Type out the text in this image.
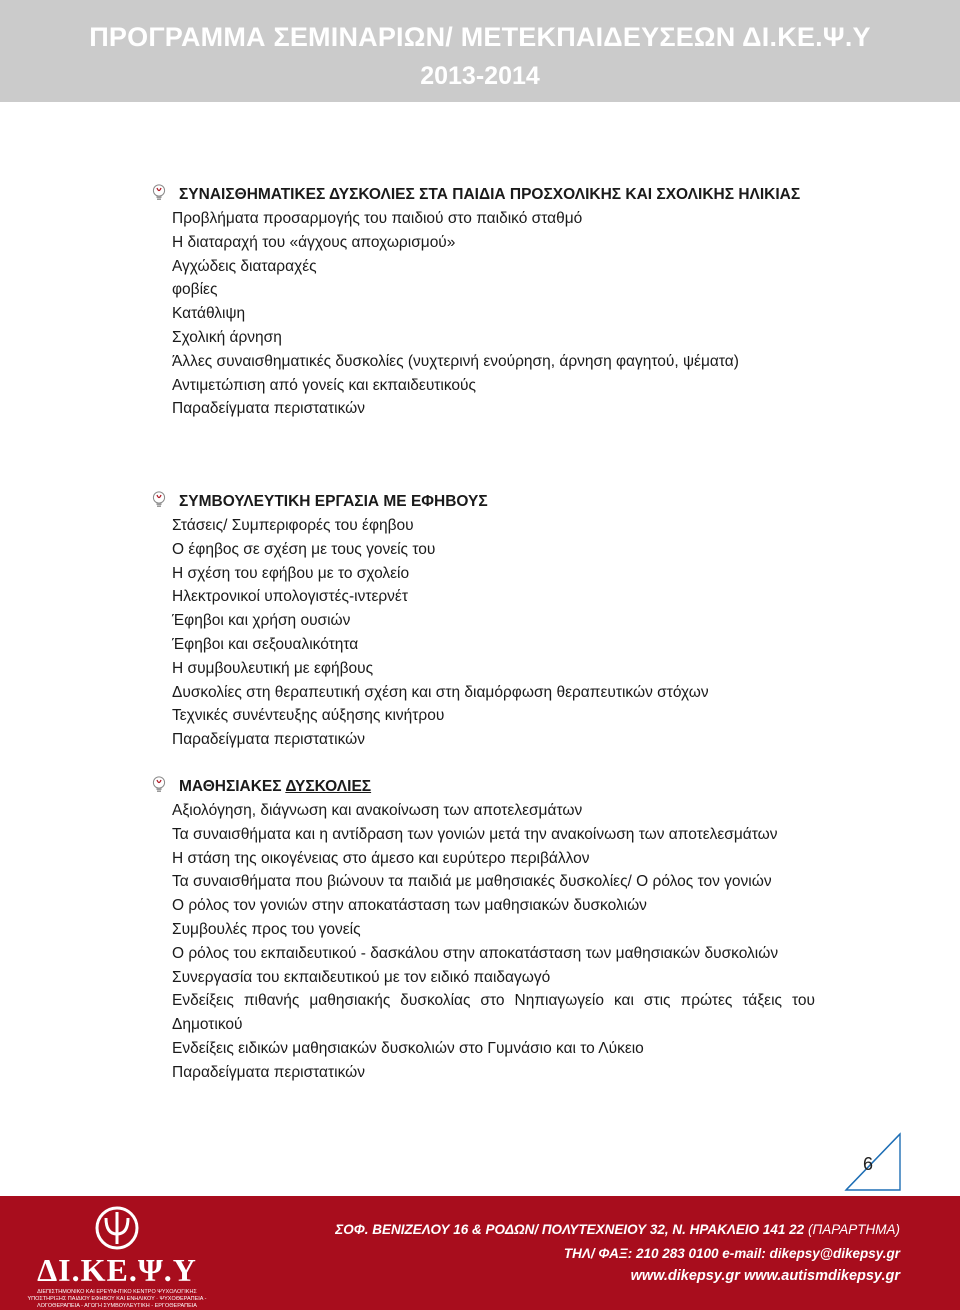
ΠΡΟΓΡΑΜΜΑ ΣΕΜΙΝΑΡΙΩΝ/ ΜΕΤΕΚΠΑΙΔΕΥΣΕΩΝ ΔΙ.ΚΕ.Ψ.Υ
2013-2014
ΣΥΝΑΙΣΘΗΜΑΤΙΚΕΣ ΔΥΣΚΟΛΙΕΣ ΣΤΑ ΠΑΙΔΙΑ ΠΡΟΣΧΟΛΙΚΗΣ ΚΑΙ ΣΧΟΛΙΚΗΣ ΗΛΙΚΙΑΣ
Προβλήματα προσαρμογής του παιδιού στο παιδικό σταθμό
Η διαταραχή του «άγχους αποχωρισμού»
Αγχώδεις διαταραχές
φοβίες
Κατάθλιψη
Σχολική άρνηση
Άλλες συναισθηματικές δυσκολίες (νυχτερινή ενούρηση, άρνηση φαγητού, ψέματα)
Αντιμετώπιση από γονείς και εκπαιδευτικούς
Παραδείγματα περιστατικών
ΣΥΜΒΟΥΛΕΥΤΙΚΗ ΕΡΓΑΣΙΑ ΜΕ ΕΦΗΒΟΥΣ
Στάσεις/ Συμπεριφορές του έφηβου
Ο έφηβος σε σχέση με τους γονείς του
Η σχέση του εφήβου με το σχολείο
Ηλεκτρονικοί υπολογιστές-ιντερνέτ
Έφηβοι και χρήση ουσιών
Έφηβοι και σεξουαλικότητα
Η συμβουλευτική με εφήβους
Δυσκολίες στη θεραπευτική σχέση και στη διαμόρφωση θεραπευτικών στόχων
Τεχνικές συνέντευξης αύξησης κινήτρου
Παραδείγματα περιστατικών
ΜΑΘΗΣΙΑΚΕΣ ΔΥΣΚΟΛΙΕΣ
Αξιολόγηση, διάγνωση και ανακοίνωση των αποτελεσμάτων
Τα συναισθήματα και η αντίδραση των γονιών μετά την ανακοίνωση των αποτελεσμάτων
Η στάση της οικογένειας στο άμεσο και ευρύτερο περιβάλλον
Τα συναισθήματα που βιώνουν τα παιδιά με μαθησιακές δυσκολίες/ Ο ρόλος τον γονιών
Ο ρόλος τον γονιών στην αποκατάσταση των μαθησιακών δυσκολιών
Συμβουλές προς του γονείς
Ο ρόλος του εκπαιδευτικού - δασκάλου στην αποκατάσταση των μαθησιακών δυσκολιών
Συνεργασία του εκπαιδευτικού με τον ειδικό παιδαγωγό
Ενδείξεις πιθανής μαθησιακής δυσκολίας στο Νηπιαγωγείο και στις πρώτες τάξεις του Δημοτικού
Ενδείξεις ειδικών μαθησιακών δυσκολιών στο Γυμνάσιο και το Λύκειο
Παραδείγματα περιστατικών
6
ΔΙ.ΚΕ.Ψ.Υ
ΔΙΕΠΙΣΤΗΜΟΝΙΚΟ ΚΑΙ ΕΡΕΥΝΗΤΙΚΟ ΚΕΝΤΡΟ ΨΥΧΟΛΟΓΙΚΗΣ ΥΠΟΣΤΗΡΙΞΗΣ ΠΑΙΔΙΟΥ ΕΦΗΒΟΥ ΚΑΙ ΕΝΗΛΙΚΟΥ · ΨΥΧΟΘΕΡΑΠΕΙΑ - ΛΟΓΟΘΕΡΑΠΕΙΑ - ΑΓΩΓΗ ΣΥΜΒΟΥΛΕΥΤΙΚΗ - ΕΡΓΟΘΕΡΑΠΕΙΑ
ΣΟΦ. ΒΕΝΙΖΕΛΟΥ 16 & ΡΟΔΩΝ/ ΠΟΛΥΤΕΧΝΕΙΟΥ 32, Ν. ΗΡΑΚΛΕΙΟ 141 22 (ΠΑΡΑΡΤΗΜΑ)
ΤΗΛ/ ΦΑΞ: 210 283 0100 e-mail: dikepsy@dikepsy.gr
www.dikepsy.gr www.autismdikepsy.gr
